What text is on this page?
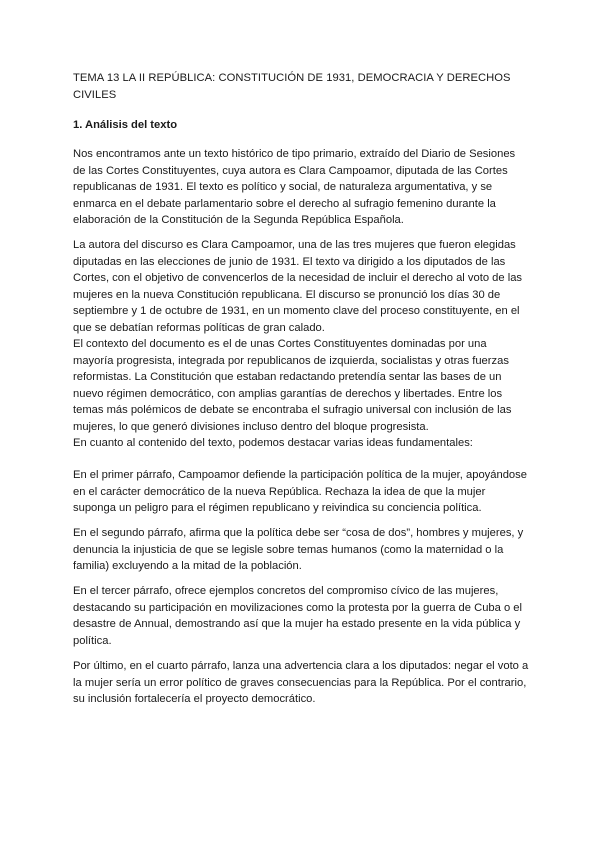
TEMA 13 LA II REPÚBLICA: CONSTITUCIÓN DE 1931, DEMOCRACIA Y DERECHOS CIVILES
1. Análisis del texto

Nos encontramos ante un texto histórico de tipo primario, extraído del Diario de Sesiones de las Cortes Constituyentes, cuya autora es Clara Campoamor, diputada de las Cortes republicanas de 1931. El texto es político y social, de naturaleza argumentativa, y se enmarca en el debate parlamentario sobre el derecho al sufragio femenino durante la elaboración de la Constitución de la Segunda República Española.

La autora del discurso es Clara Campoamor, una de las tres mujeres que fueron elegidas diputadas en las elecciones de junio de 1931. El texto va dirigido a los diputados de las Cortes, con el objetivo de convencerlos de la necesidad de incluir el derecho al voto de las mujeres en la nueva Constitución republicana. El discurso se pronunció los días 30 de septiembre y 1 de octubre de 1931, en un momento clave del proceso constituyente, en el que se debatían reformas políticas de gran calado.

El contexto del documento es el de unas Cortes Constituyentes dominadas por una mayoría progresista, integrada por republicanos de izquierda, socialistas y otras fuerzas reformistas. La Constitución que estaban redactando pretendía sentar las bases de un nuevo régimen democrático, con amplias garantías de derechos y libertades. Entre los temas más polémicos de debate se encontraba el sufragio universal con inclusión de las mujeres, lo que generó divisiones incluso dentro del bloque progresista.

En cuanto al contenido del texto, podemos destacar varias ideas fundamentales:

En el primer párrafo, Campoamor defiende la participación política de la mujer, apoyándose en el carácter democrático de la nueva República. Rechaza la idea de que la mujer suponga un peligro para el régimen republicano y reivindica su conciencia política.

En el segundo párrafo, afirma que la política debe ser “cosa de dos”, hombres y mujeres, y denuncia la injusticia de que se legisle sobre temas humanos (como la maternidad o la familia) excluyendo a la mitad de la población.

En el tercer párrafo, ofrece ejemplos concretos del compromiso cívico de las mujeres, destacando su participación en movilizaciones como la protesta por la guerra de Cuba o el desastre de Annual, demostrando así que la mujer ha estado presente en la vida pública y política.

Por último, en el cuarto párrafo, lanza una advertencia clara a los diputados: negar el voto a la mujer sería un error político de graves consecuencias para la República. Por el contrario, su inclusión fortalecería el proyecto democrático.
